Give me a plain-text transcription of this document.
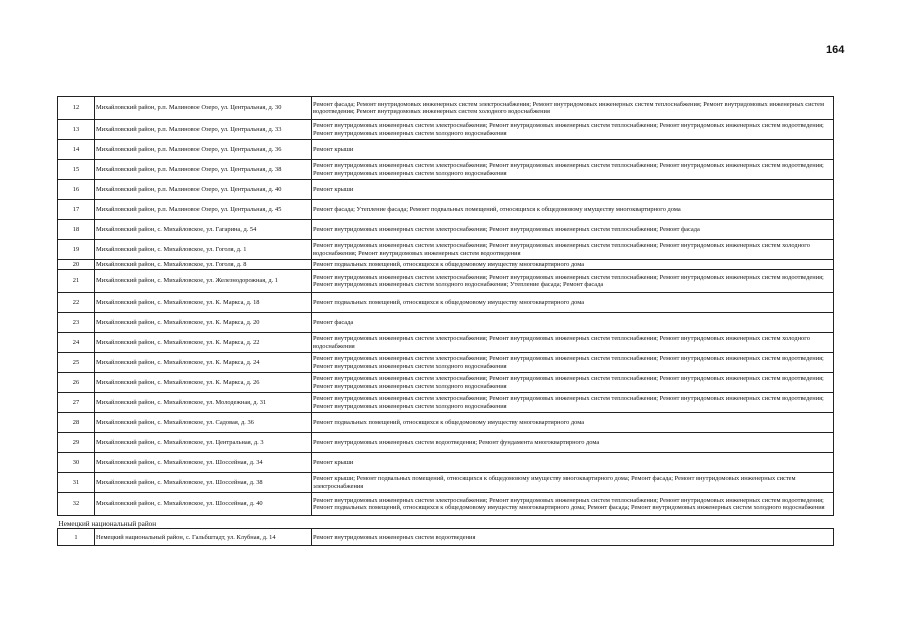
164
12	Михайловский район, р.п. Малиновое Озеро, ул. Центральная, д. 30	Ремонт фасада; Ремонт внутридомовых инженерных систем электроснабжения; Ремонт внутридомовых инженерных систем теплоснабжения; Ремонт внутридомовых инженерных систем водоотведения; Ремонт внутридомовых инженерных систем холодного водоснабжения
13	Михайловский район, р.п. Малиновое Озеро, ул. Центральная, д. 33	Ремонт внутридомовых инженерных систем электроснабжения; Ремонт внутридомовых инженерных систем теплоснабжения; Ремонт внутридомовых инженерных систем водоотведения; Ремонт внутридомовых инженерных систем холодного водоснабжения
14	Михайловский район, р.п. Малиновое Озеро, ул. Центральная, д. 36	Ремонт крыши
15	Михайловский район, р.п. Малиновое Озеро, ул. Центральная, д. 38	Ремонт внутридомовых инженерных систем электроснабжения; Ремонт внутридомовых инженерных систем теплоснабжения; Ремонт внутридомовых инженерных систем водоотведения; Ремонт внутридомовых инженерных систем холодного водоснабжения
16	Михайловский район, р.п. Малиновое Озеро, ул. Центральная, д. 40	Ремонт крыши
17	Михайловский район, р.п. Малиновое Озеро, ул. Центральная, д. 45	Ремонт фасада; Утепление фасада; Ремонт подвальных помещений, относящихся к общедомовому имуществу многоквартирного дома
18	Михайловский район, с. Михайловское, ул. Гагарина, д. 54	Ремонт внутридомовых инженерных систем электроснабжения; Ремонт внутридомовых инженерных систем теплоснабжения; Ремонт фасада
19	Михайловский район, с. Михайловское, ул. Гоголя, д. 1	Ремонт внутридомовых инженерных систем электроснабжения; Ремонт внутридомовых инженерных систем теплоснабжения; Ремонт внутридомовых инженерных систем холодного водоснабжения; Ремонт внутридомовых инженерных систем водоотведения
20	Михайловский район, с. Михайловское, ул. Гоголя, д. 8	Ремонт подвальных помещений, относящихся к общедомовому имуществу многоквартирного дома
21	Михайловский район, с. Михайловское, ул. Железнодорожная, д. 1	Ремонт внутридомовых инженерных систем электроснабжения; Ремонт внутридомовых инженерных систем теплоснабжения; Ремонт внутридомовых инженерных систем водоотведения; Ремонт внутридомовых инженерных систем холодного водоснабжения; Утепление фасада; Ремонт фасада
22	Михайловский район, с. Михайловское, ул. К. Маркса, д. 18	Ремонт подвальных помещений, относящихся к общедомовому имуществу многоквартирного дома
23	Михайловский район, с. Михайловское, ул. К. Маркса, д. 20	Ремонт фасада
24	Михайловский район, с. Михайловское, ул. К. Маркса, д. 22	Ремонт внутридомовых инженерных систем электроснабжения; Ремонт внутридомовых инженерных систем теплоснабжения; Ремонт внутридомовых инженерных систем холодного водоснабжения
25	Михайловский район, с. Михайловское, ул. К. Маркса, д. 24	Ремонт внутридомовых инженерных систем электроснабжения; Ремонт внутридомовых инженерных систем теплоснабжения; Ремонт внутридомовых инженерных систем водоотведения; Ремонт внутридомовых инженерных систем холодного водоснабжения
26	Михайловский район, с. Михайловское, ул. К. Маркса, д. 26	Ремонт внутридомовых инженерных систем электроснабжения; Ремонт внутридомовых инженерных систем теплоснабжения; Ремонт внутридомовых инженерных систем водоотведения; Ремонт внутридомовых инженерных систем холодного водоснабжения
27	Михайловский район, с. Михайловское, ул. Молодежная, д. 31	Ремонт внутридомовых инженерных систем электроснабжения; Ремонт внутридомовых инженерных систем теплоснабжения; Ремонт внутридомовых инженерных систем водоотведения; Ремонт внутридомовых инженерных систем холодного водоснабжения
28	Михайловский район, с. Михайловское, ул. Садовая, д. 36	Ремонт подвальных помещений, относящихся к общедомовому имуществу многоквартирного дома
29	Михайловский район, с. Михайловское, ул. Центральная, д. 3	Ремонт внутридомовых инженерных систем водоотведения; Ремонт фундамента многоквартирного дома
30	Михайловский район, с. Михайловское, ул. Шоссейная, д. 34	Ремонт крыши
31	Михайловский район, с. Михайловское, ул. Шоссейная, д. 38	Ремонт крыши; Ремонт подвальных помещений, относящихся к общедомовому имуществу многоквартирного дома; Ремонт фасада; Ремонт внутридомовых инженерных систем электроснабжения
32	Михайловский район, с. Михайловское, ул. Шоссейная, д. 40	Ремонт внутридомовых инженерных систем электроснабжения; Ремонт внутридомовых инженерных систем теплоснабжения; Ремонт внутридомовых инженерных систем водоотведения; Ремонт подвальных помещений, относящихся к общедомовому имуществу многоквартирного дома; Ремонт фасада; Ремонт внутридомовых инженерных систем холодного водоснабжения
Немецкий национальный район		
1	Немецкий национальный район, с. Гальбштадт, ул. Клубная, д. 14	Ремонт внутридомовых инженерных систем водоотведения
